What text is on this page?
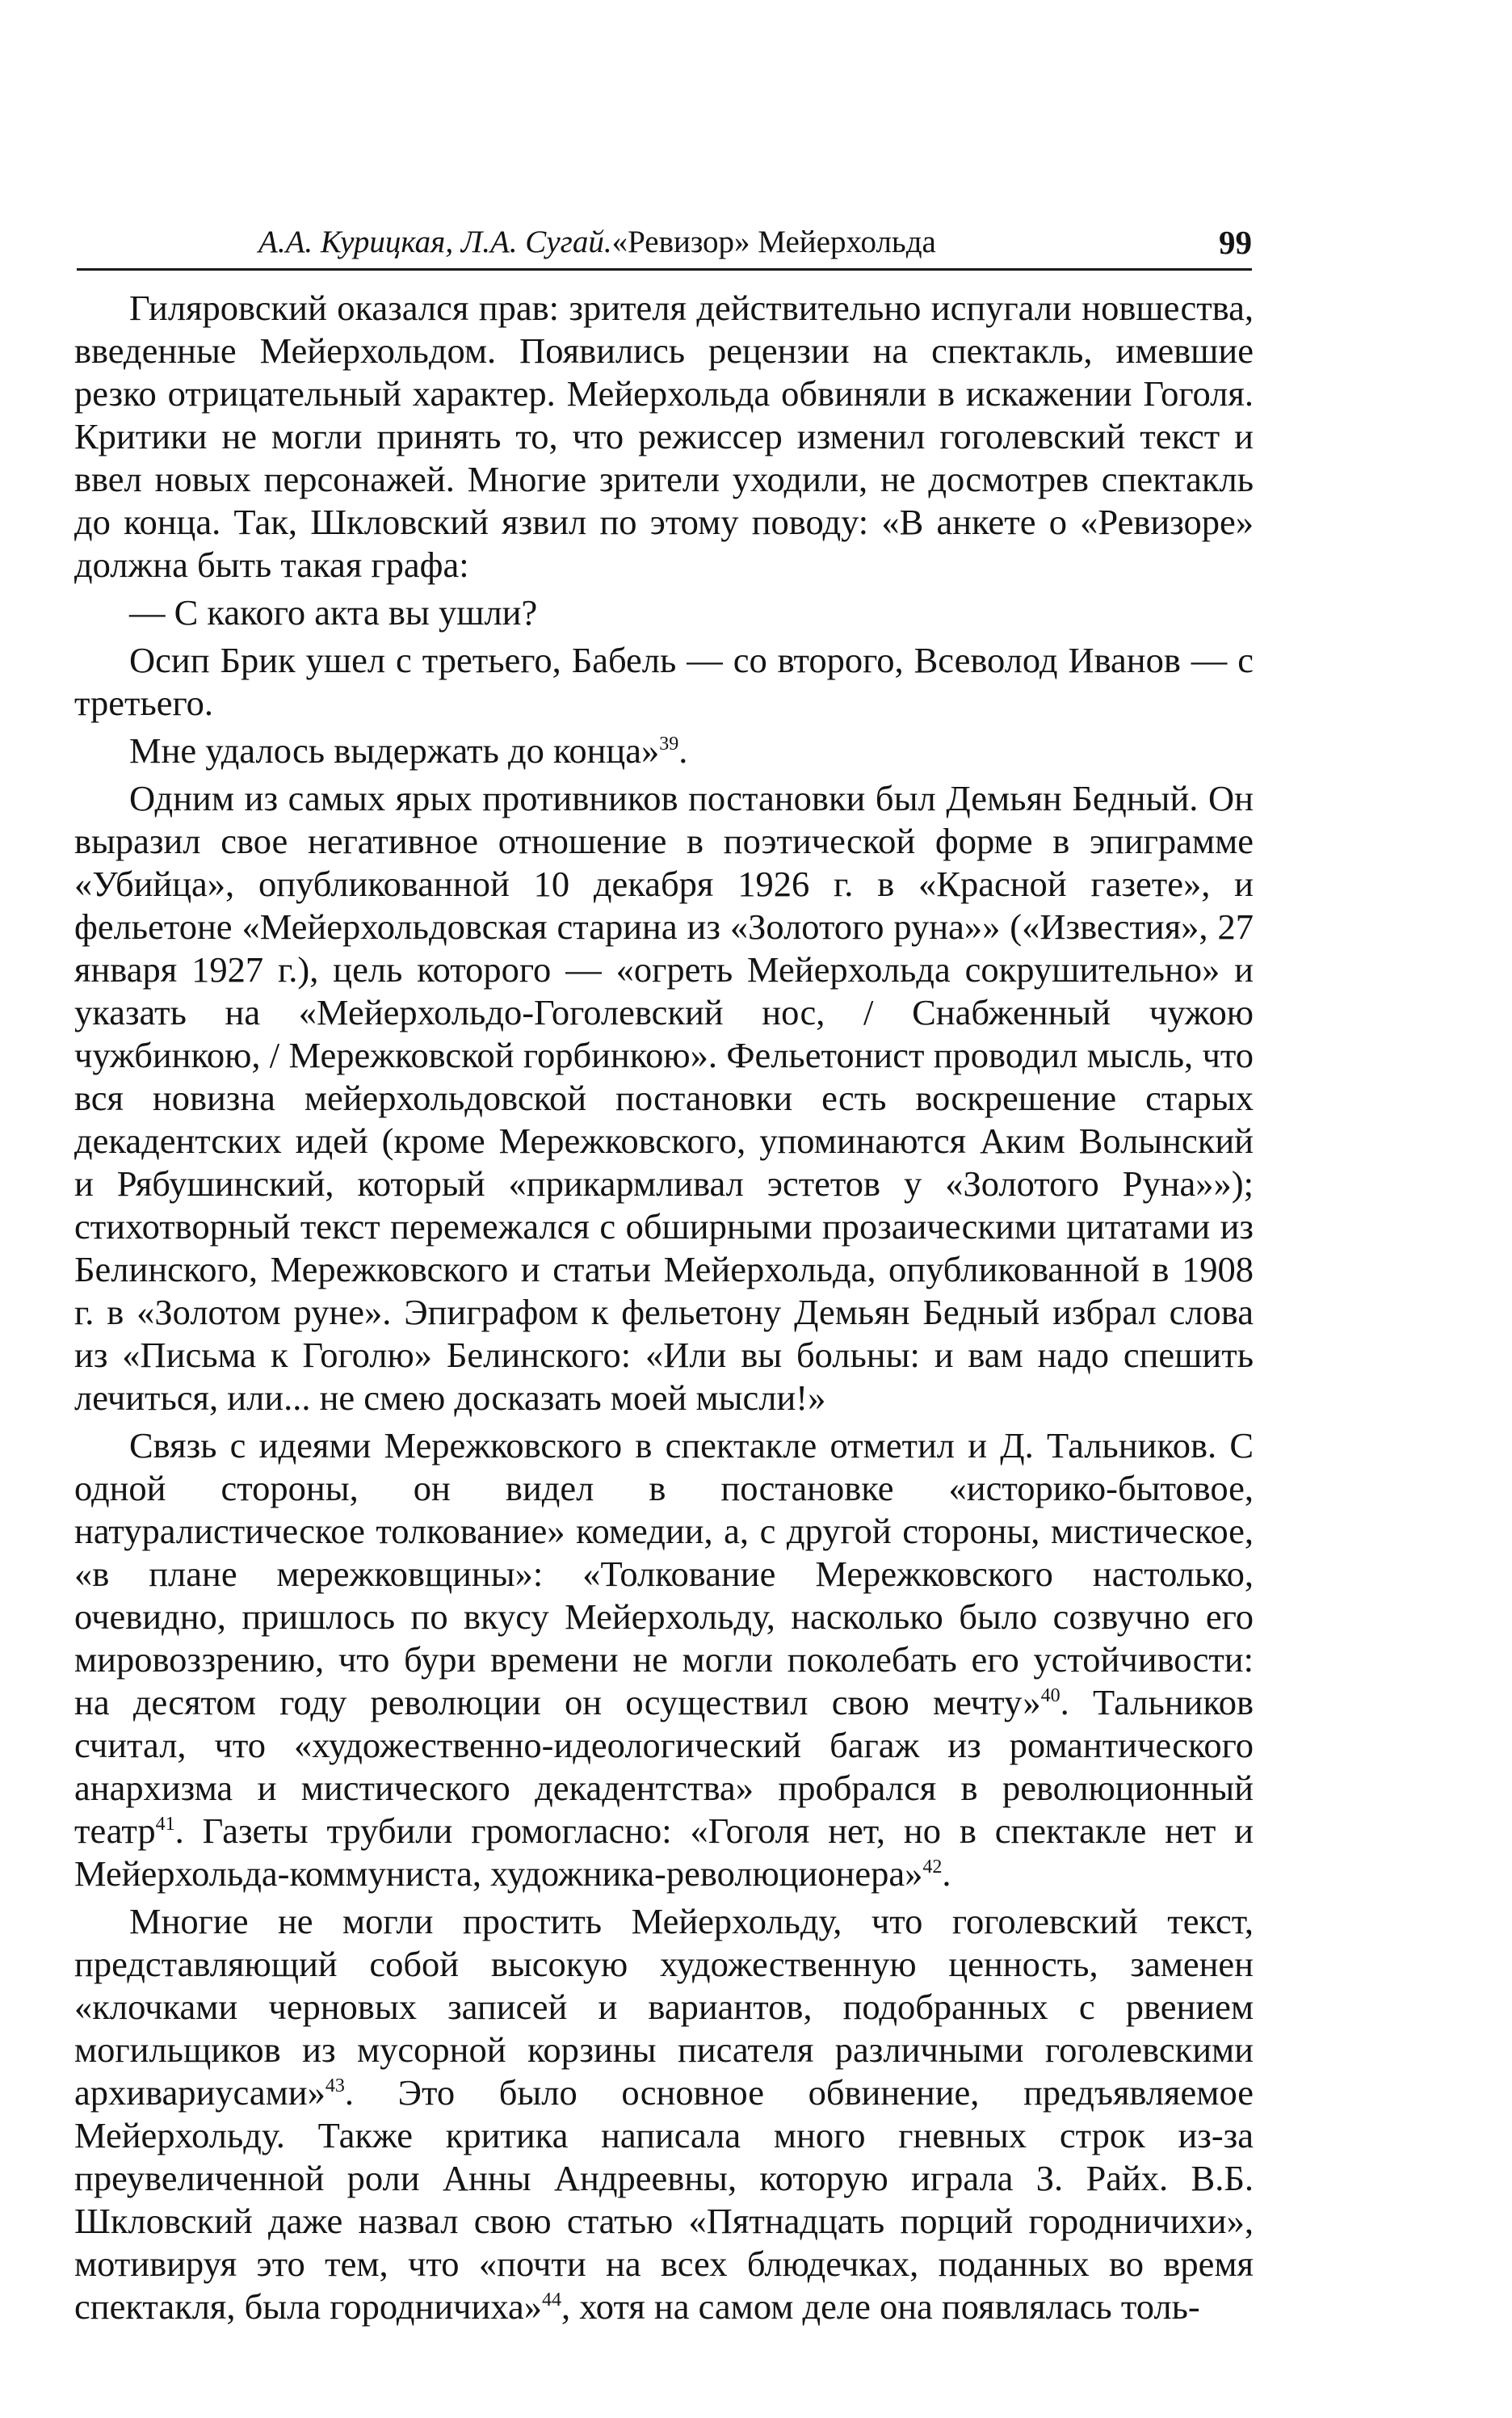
А.А. Курицкая, Л.А. Сугай.«Ревизор» Мейерхольда	99

Гиляровский оказался прав: зрителя действительно испугали новшества, введенные Мейерхольдом. Появились рецензии на спектакль, имевшие резко отрицательный характер. Мейерхольда обвиняли в искажении Гоголя. Критики не могли принять то, что режиссер изменил гоголевский текст и ввел новых персонажей. Многие зрители уходили, не досмотрев спектакль до конца. Так, Шкловский язвил по этому поводу: «В анкете о «Ревизоре» должна быть такая графа:

— С какого акта вы ушли?

Осип Брик ушел с третьего, Бабель — со второго, Всеволод Иванов — с третьего.

Мне удалось выдержать до конца»$^{39}$.

Одним из самых ярых противников постановки был Демьян Бедный. Он выразил свое негативное отношение в поэтической форме в эпиграмме «Убийца», опубликованной 10 декабря 1926 г. в «Красной газете», и фельетоне «Мейерхольдовская старина из «Золотого руна»» («Известия», 27 января 1927 г.), цель которого — «огреть Мейерхольда сокрушительно» и указать на «Мейерхольдо-Гоголевский нос, / Снабженный чужою чужбинкою, / Мережковской горбинкою». Фельетонист проводил мысль, что вся новизна мейерхольдовской постановки есть воскрешение старых декадентских идей (кроме Мережковского, упоминаются Аким Волынский и Рябушинский, который «прикармливал эстетов у «Золотого Руна»»); стихотворный текст перемежался с обширными прозаическими цитатами из Белинского, Мережковского и статьи Мейерхольда, опубликованной в 1908 г. в «Золотом руне». Эпиграфом к фельетону Демьян Бедный избрал слова из «Письма к Гоголю» Белинского: «Или вы больны: и вам надо спешить лечиться, или... не смею досказать моей мысли!»

Связь с идеями Мережковского в спектакле отметил и Д. Тальников. С одной стороны, он видел в постановке «историко-бытовое, натуралистическое толкование» комедии, а, с другой стороны, мистическое, «в плане мережковщины»: «Толкование Мережковского настолько, очевидно, пришлось по вкусу Мейерхольду, насколько было созвучно его мировоззрению, что бури времени не могли поколебать его устойчивости: на десятом году революции он осуществил свою мечту»$^{40}$. Тальников считал, что «художественно-идеологический багаж из романтического анархизма и мистического декадентства» пробрался в революционный театр$^{41}$. Газеты трубили громогласно: «Гоголя нет, но в спектакле нет и Мейерхольда-коммуниста, художника-революционера»$^{42}$.

Многие не могли простить Мейерхольду, что гоголевский текст, представляющий собой высокую художественную ценность, заменен «клочками черновых записей и вариантов, подобранных с рвением могильщиков из мусорной корзины писателя различными гоголевскими архивариусами»$^{43}$. Это было основное обвинение, предъявляемое Мейерхольду. Также критика написала много гневных строк из-за преувеличенной роли Анны Андреевны, которую играла З. Райх. В.Б. Шкловский даже назвал свою статью «Пятнадцать порций городничихи», мотивируя это тем, что «почти на всех блюдечках, поданных во время спектакля, была городничиха»$^{44}$, хотя на самом деле она появлялась толь-
